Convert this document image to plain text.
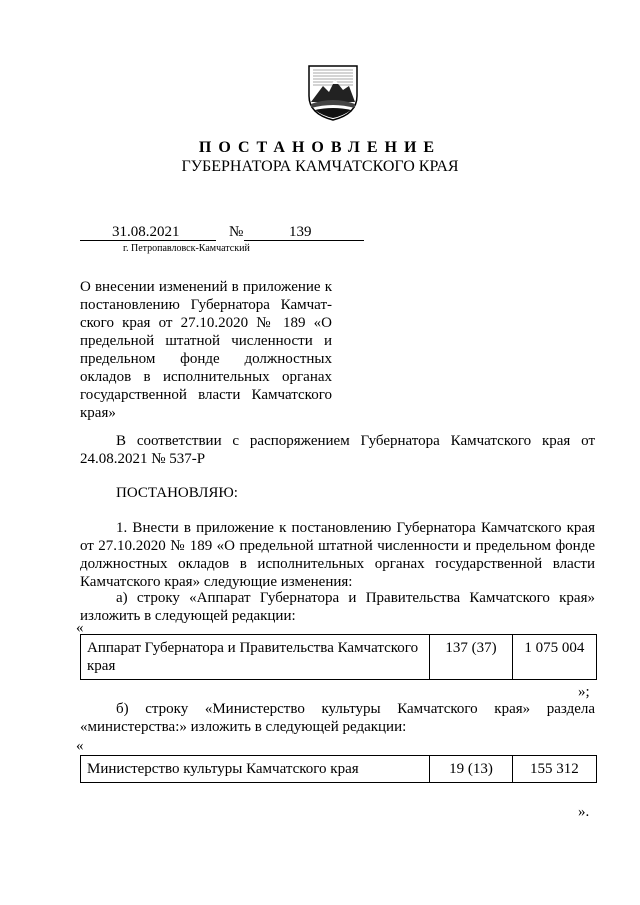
ПОСТАНОВЛЕНИЕ
ГУБЕРНАТОРА КАМЧАТСКОГО КРАЯ
31.08.2021	№	139
г. Петропавловск-Камчатский
О внесении изменений в приложение к постановлению Губернатора Камчат-ского края от 27.10.2020 № 189 «О предельной штатной численности и предельном фонде должностных окладов в исполнительных органах государственной власти Камчатского края»
В соответствии с распоряжением Губернатора Камчатского края от 24.08.2021 № 537-Р
ПОСТАНОВЛЯЮ:
1. Внести в приложение к постановлению Губернатора Камчатского края от 27.10.2020 № 189 «О предельной штатной численности и предельном фонде должностных окладов в исполнительных органах государственной власти Камчатского края» следующие изменения:
а) строку «Аппарат Губернатора и Правительства Камчатского края» изложить в следующей редакции:
«
Аппарат Губернатора и Правительства Камчатского края	137 (37)	1 075 004
»;
б) строку «Министерство культуры Камчатского края» раздела «министерства:» изложить в следующей редакции:
«
Министерство культуры Камчатского края	19 (13)	155 312
».
